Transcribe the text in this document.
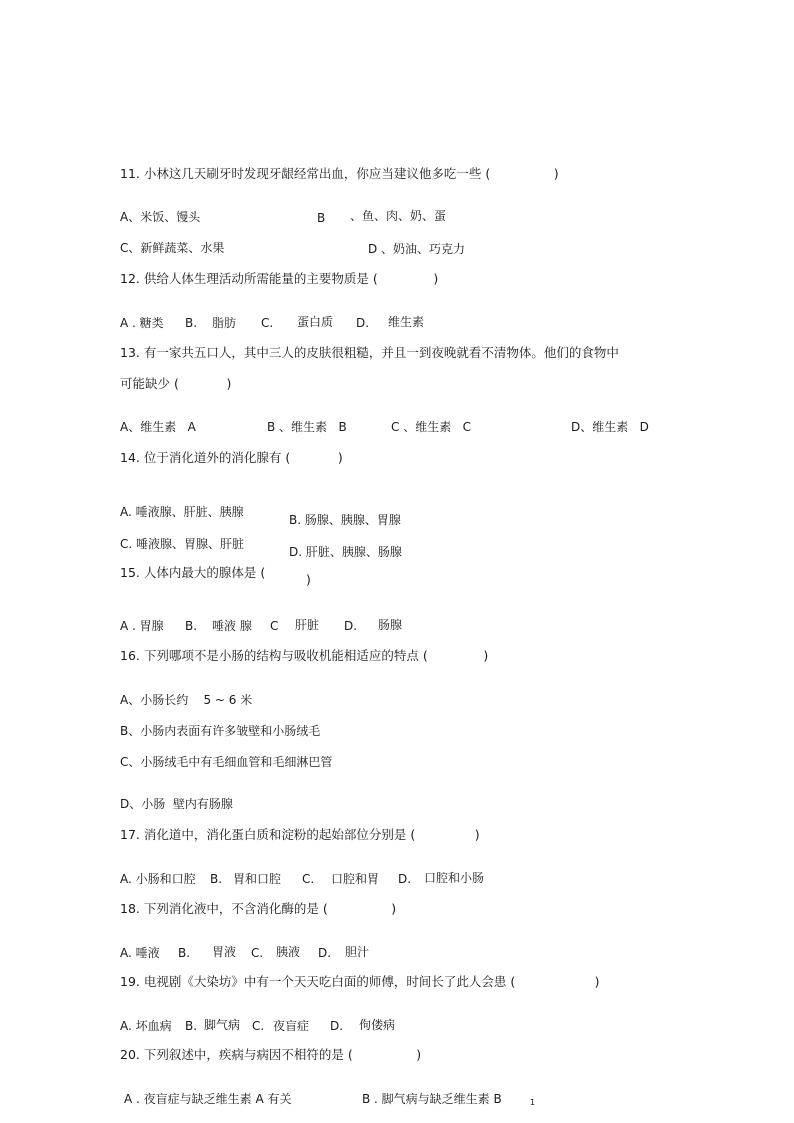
11. 小林这几天刷牙时发现牙龈经常出血，你应当建议他多吃一些 (                )
A、米饭、馒头	B 、鱼、肉、奶、蛋
C、新鲜蔬菜、水果	D 、奶油、巧克力
12. 供给人体生理活动所需能量的主要物质是 (              )
A . 糖类 B. 脂肪 C. 蛋白质 D. 维生素
13. 有一家共五口人，其中三人的皮肤很粗糙，并且一到夜晚就看不清物体。他们的食物中
可能缺少 (            )
A、维生素   A	B 、维生素   B	C 、维生素   C	D、维生素   D
14. 位于消化道外的消化腺有 (            )
A. 唾液腺、肝脏、胰腺
B. 肠腺、胰腺、胃腺
C. 唾液腺、胃腺、肝脏
D. 肝脏、胰腺、肠腺
15. 人体内最大的腺体是 (	)
A . 胃腺 B. 唾液 腺 C 肝脏 D. 肠腺
16. 下列哪项不是小肠的结构与吸收机能相适应的特点 (              )
A、小肠长约    5 ~ 6 米
B、小肠内表面有许多皱壁和小肠绒毛
C、小肠绒毛中有毛细血管和毛细淋巴管
D、小肠  壁内有肠腺
17. 消化道中，消化蛋白质和淀粉的起始部位分别是 (               )
A. 小肠和口腔 B. 胃和口腔 C. 口腔和胃 D. 口腔和小肠
18. 下列消化液中，不含消化酶的是 (                )
A. 唾液 B. 胃液 C. 胰液 D. 胆汁
19. 电视剧《大染坊》中有一个天天吃白面的师傅，时间长了此人会患 (                    )
A. 坏血病 B. 脚气病 C. 夜盲症 D. 佝偻病
20. 下列叙述中，疾病与病因不相符的是 (                )
A . 夜盲症与缺乏维生素 A 有关	B . 脚气病与缺乏维生素 B	1
